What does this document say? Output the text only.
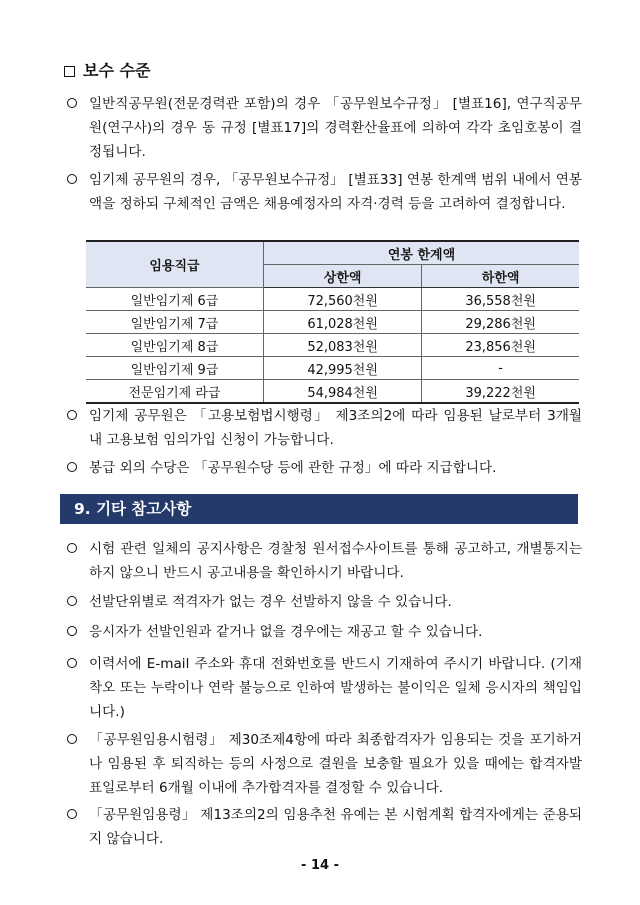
보수 수준
일반직공무원(전문경력관 포함)의 경우 「공무원보수규정」 [별표16], 연구직공무원(연구사)의 경우 동 규정 [별표17]의 경력환산율표에 의하여 각각 초임호봉이 결정됩니다.
임기제 공무원의 경우, 「공무원보수규정」 [별표33] 연봉 한계액 범위 내에서 연봉액을 정하되 구체적인 금액은 채용예정자의 자격·경력 등을 고려하여 결정합니다.
임용직급	연봉 한계액	
	상한액	하한액
일반임기제 6급	72,560천원	36,558천원
일반임기제 7급	61,028천원	29,286천원
일반임기제 8급	52,083천원	23,856천원
일반임기제 9급	42,995천원	-
전문임기제 라급	54,984천원	39,222천원
임기제 공무원은 「고용보험법시행령」 제3조의2에 따라 임용된 날로부터 3개월 내 고용보험 임의가입 신청이 가능합니다.
봉급 외의 수당은 「공무원수당 등에 관한 규정」에 따라 지급합니다.
9. 기타 참고사항
시험 관련 일체의 공지사항은 경찰청 원서접수사이트를 통해 공고하고, 개별통지는 하지 않으니 반드시 공고내용을 확인하시기 바랍니다.
선발단위별로 적격자가 없는 경우 선발하지 않을 수 있습니다.
응시자가 선발인원과 같거나 없을 경우에는 재공고 할 수 있습니다.
이력서에 E-mail 주소와 휴대 전화번호를 반드시 기재하여 주시기 바랍니다. (기재 착오 또는 누락이나 연락 불능으로 인하여 발생하는 불이익은 일체 응시자의 책임입니다.)
「공무원임용시험령」 제30조제4항에 따라 최종합격자가 임용되는 것을 포기하거나 임용된 후 퇴직하는 등의 사정으로 결원을 보충할 필요가 있을 때에는 합격자발표일로부터 6개월 이내에 추가합격자를 결정할 수 있습니다.
「공무원임용령」 제13조의2의 임용추천 유예는 본 시험계획 합격자에게는 준용되지 않습니다.
- 14 -
